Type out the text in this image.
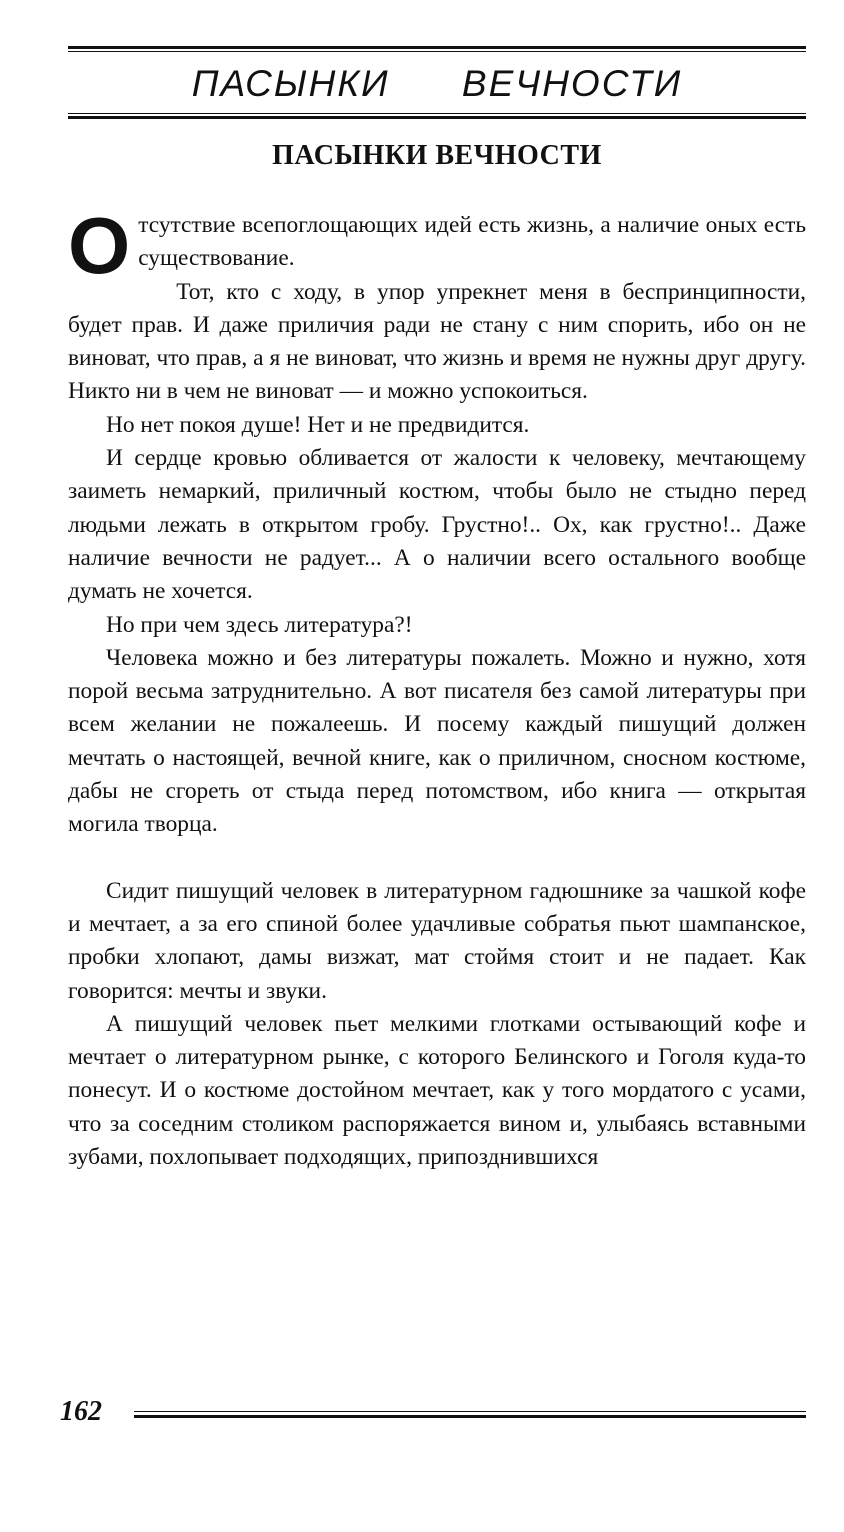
ПАСЫНКИ ВЕЧНОСТИ
ПАСЫНКИ ВЕЧНОСТИ

Отсутствие всепоглощающих идей есть жизнь, а наличие оных есть существование.

Тот, кто с ходу, в упор упрекнет меня в беспринципности, будет прав. И даже приличия ради не стану с ним спорить, ибо он не виноват, что прав, а я не виноват, что жизнь и время не нужны друг другу. Никто ни в чем не виноват — и можно успокоиться.

Но нет покоя душе! Нет и не предвидится.

И сердце кровью обливается от жалости к человеку, мечтающему заиметь немаркий, приличный костюм, чтобы было не стыдно перед людьми лежать в открытом гробу. Грустно!.. Ох, как грустно!.. Даже наличие вечности не радует... А о наличии всего остального вообще думать не хочется.

Но при чем здесь литература?!

Человека можно и без литературы пожалеть. Можно и нужно, хотя порой весьма затруднительно. А вот писателя без самой литературы при всем желании не пожалеешь. И посему каждый пишущий должен мечтать о настоящей, вечной книге, как о приличном, сносном костюме, дабы не сгореть от стыда перед потомством, ибо книга — открытая могила творца.

Сидит пишущий человек в литературном гадюшнике за чашкой кофе и мечтает, а за его спиной более удачливые собратья пьют шампанское, пробки хлопают, дамы визжат, мат стоймя стоит и не падает. Как говорится: мечты и звуки.

А пишущий человек пьет мелкими глотками остывающий кофе и мечтает о литературном рынке, с которого Белинского и Гоголя куда-то понесут. И о костюме достойном мечтает, как у того мордатого с усами, что за соседним столиком распоряжается вином и, улыбаясь вставными зубами, похлопывает подходящих, припозднившихся

162
